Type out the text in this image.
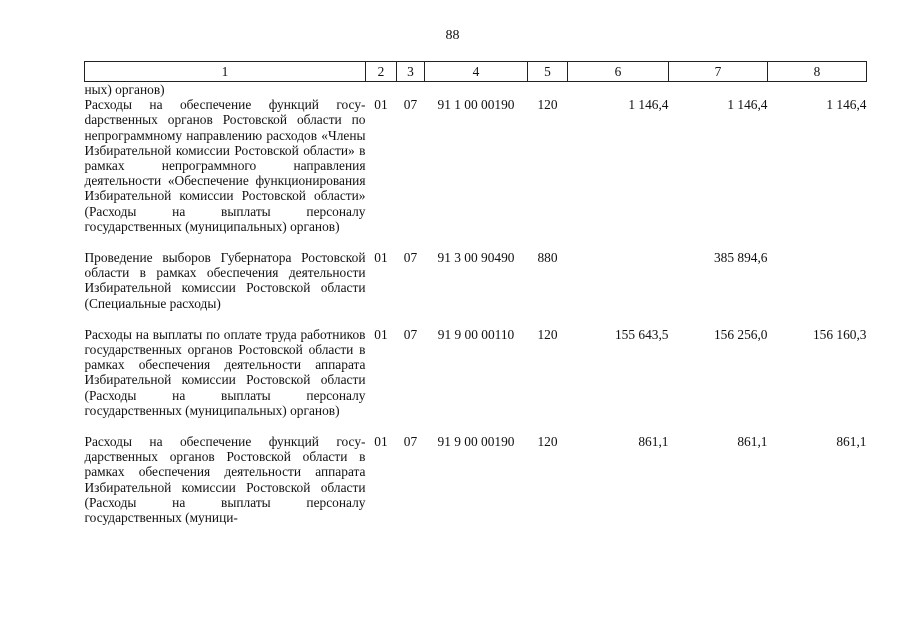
88
1	2	3	4	5	6	7	8
ных) органов)							
Расходы на обеспечение функций госуdарственных органов Ростовской области по непрограммному направлению расходов «Члены Избирательной комиссии Ростовской области» в рамках непрограммного направления деятельности «Обеспечение функционирования Избирательной комиссии Ростовской области» (Расходы на выплаты персоналу государственных (муниципальных) органов)	01	07	91 1 00 00190	120	1 146,4	1 146,4	1 146,4
Проведение выборов Губернатора Ростовской области в рамках обеспечения деятельности Избирательной комиссии Ростовской области (Специальные расходы)	01	07	91 3 00 90490	880		385 894,6	
Расходы на выплаты по оплате труда работников государственных органов Ростовской области в рамках обеспечения деятельности аппарата Избирательной комиссии Ростовской области (Расходы на выплаты персоналу государственных (муниципальных) органов)	01	07	91 9 00 00110	120	155 643,5	156 256,0	156 160,3
Расходы на обеспечение функций государственных органов Ростовской области в рамках обеспечения деятельности аппарата Избирательной комиссии Ростовской области (Расходы на выплаты персоналу государственных (муници-	01	07	91 9 00 00190	120	861,1	861,1	861,1
